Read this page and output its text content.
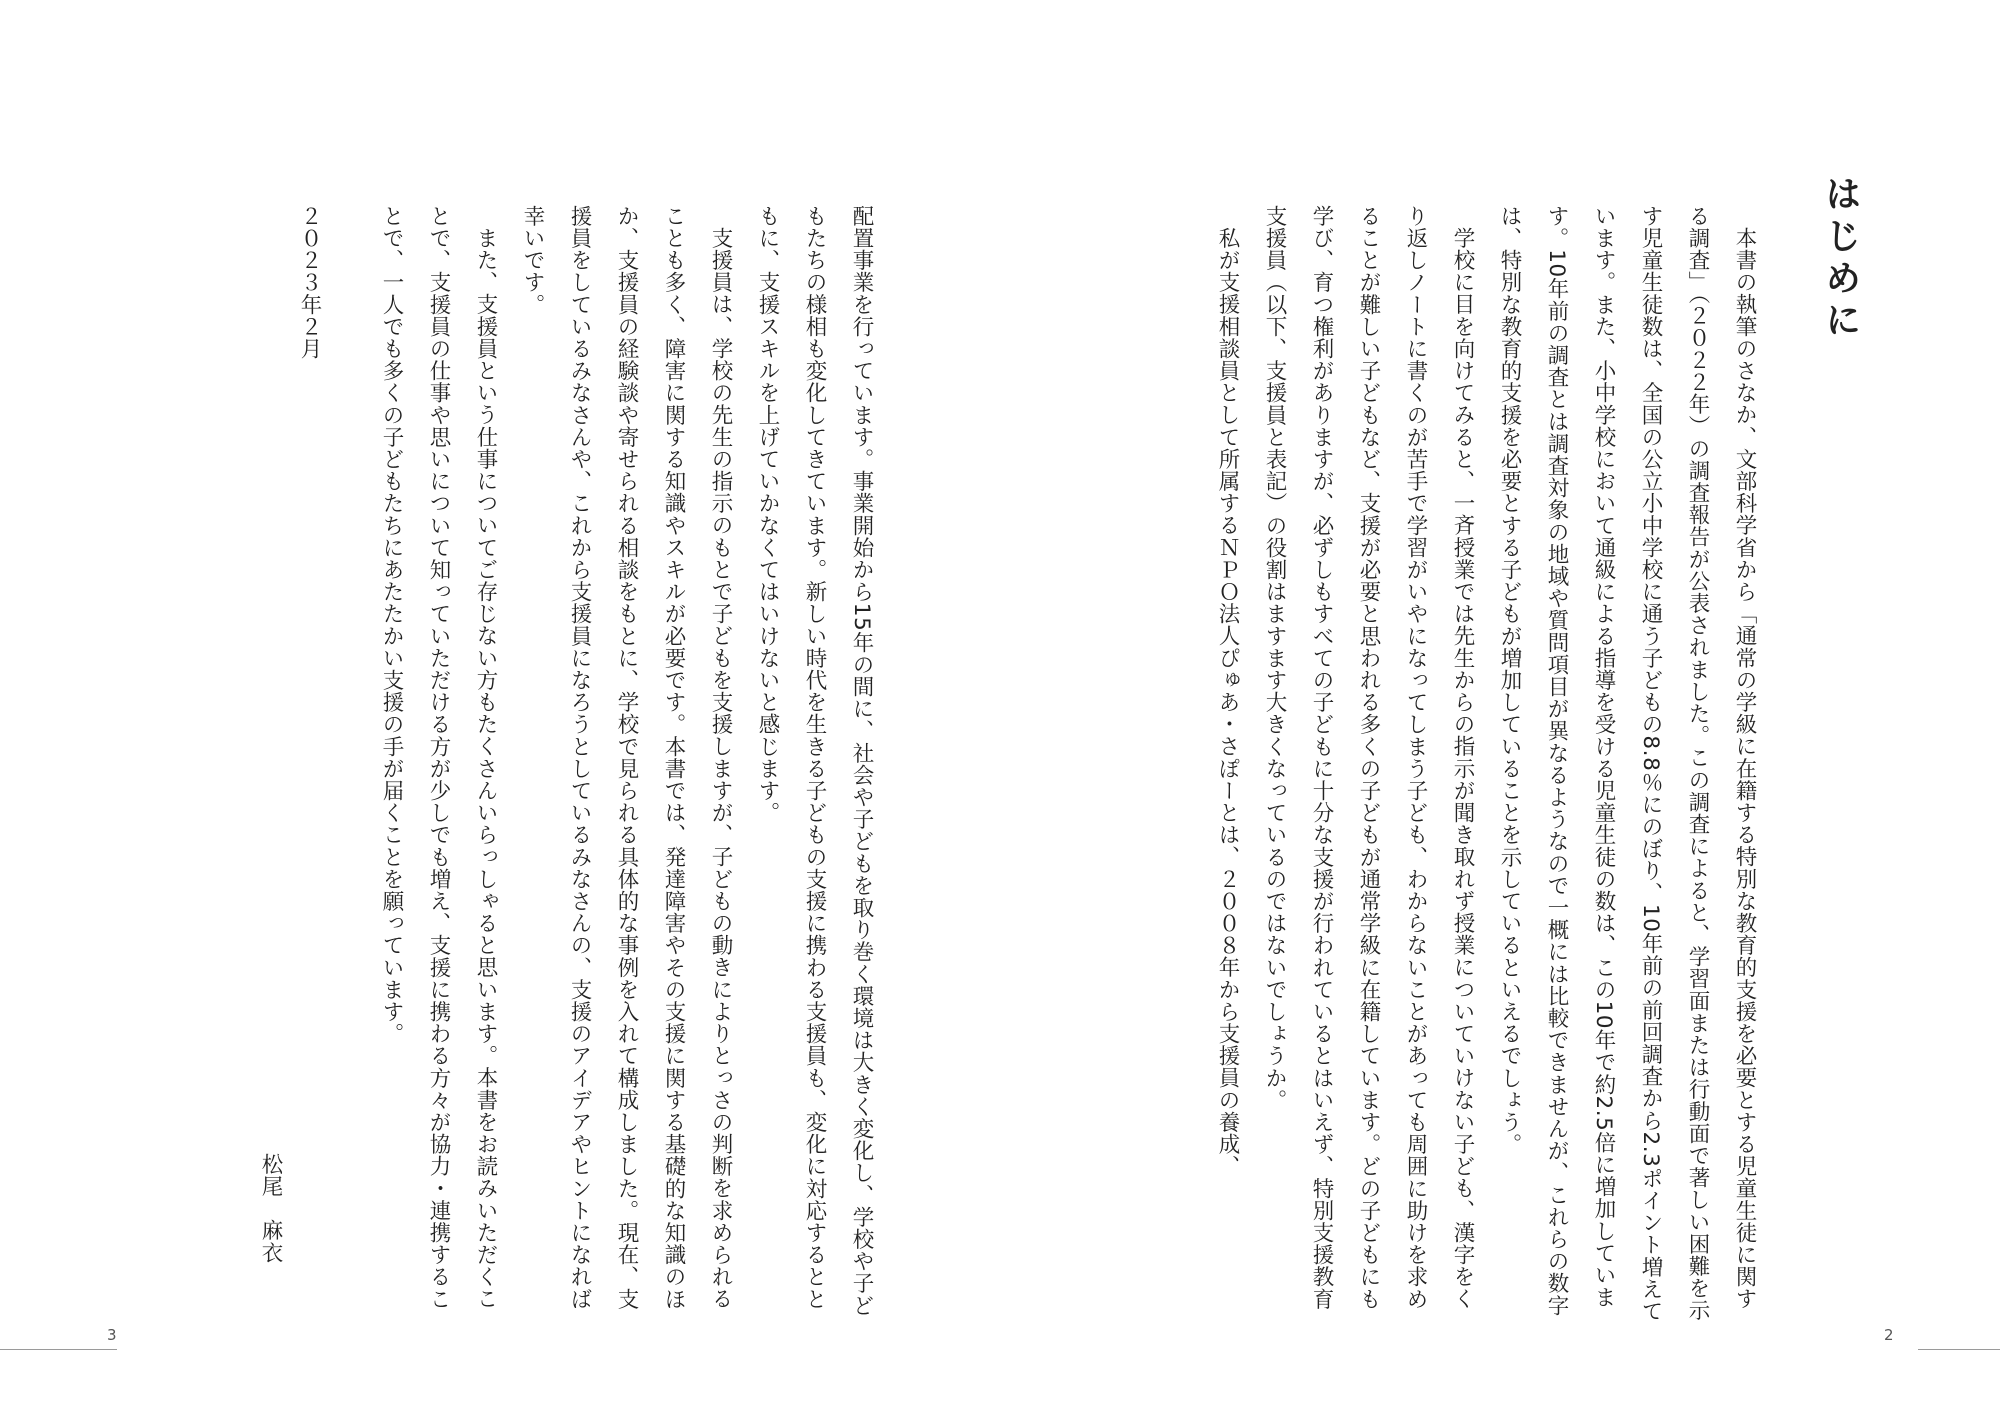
はじめに

本書の執筆のさなか、文部科学省から「通常の学級に在籍する特別な教育的支援を必要とする児童生徒に関する調査」（２０２２年）の調査報告が公表されました。この調査によると、学習面または行動面で著しい困難を示す児童生徒数は、全国の公立小中学校に通う子どもの8.8％にのぼり、10年前の前回調査から2.3ポイント増えています。また、小中学校において通級による指導を受ける児童生徒の数は、この10年で約2.5倍に増加しています。10年前の調査とは調査対象の地域や質問項目が異なるようなので一概には比較できませんが、これらの数字は、特別な教育的支援を必要とする子どもが増加していることを示しているといえるでしょう。

学校に目を向けてみると、一斉授業では先生からの指示が聞き取れず授業についていけない子ども、漢字をくり返しノートに書くのが苦手で学習がいやになってしまう子ども、わからないことがあっても周囲に助けを求めることが難しい子どもなど、支援が必要と思われる多くの子どもが通常学級に在籍しています。どの子どもにも学び、育つ権利がありますが、必ずしもすべての子どもに十分な支援が行われているとはいえず、特別支援教育支援員（以下、支援員と表記）の役割はますます大きくなっているのではないでしょうか。

私が支援相談員として所属するＮＰＯ法人ぴゅあ・さぽーとは、２００８年から支援員の養成、

2

配置事業を行っています。事業開始から15年の間に、社会や子どもを取り巻く環境は大きく変化し、学校や子どもたちの様相も変化してきています。新しい時代を生きる子どもの支援に携わる支援員も、変化に対応するとともに、支援スキルを上げていかなくてはいけないと感じます。

支援員は、学校の先生の指示のもとで子どもを支援しますが、子どもの動きによりとっさの判断を求められることも多く、障害に関する知識やスキルが必要です。本書では、発達障害やその支援に関する基礎的な知識のほか、支援員の経験談や寄せられる相談をもとに、学校で見られる具体的な事例を入れて構成しました。現在、支援員をしているみなさんや、これから支援員になろうとしているみなさんの、支援のアイデアやヒントになれば幸いです。

また、支援員という仕事についてご存じない方もたくさんいらっしゃると思います。本書をお読みいただくことで、支援員の仕事や思いについて知っていただける方が少しでも増え、支援に携わる方々が協力・連携することで、一人でも多くの子どもたちにあたたかい支援の手が届くことを願っています。

２０２３年２月
松尾　麻衣
3
